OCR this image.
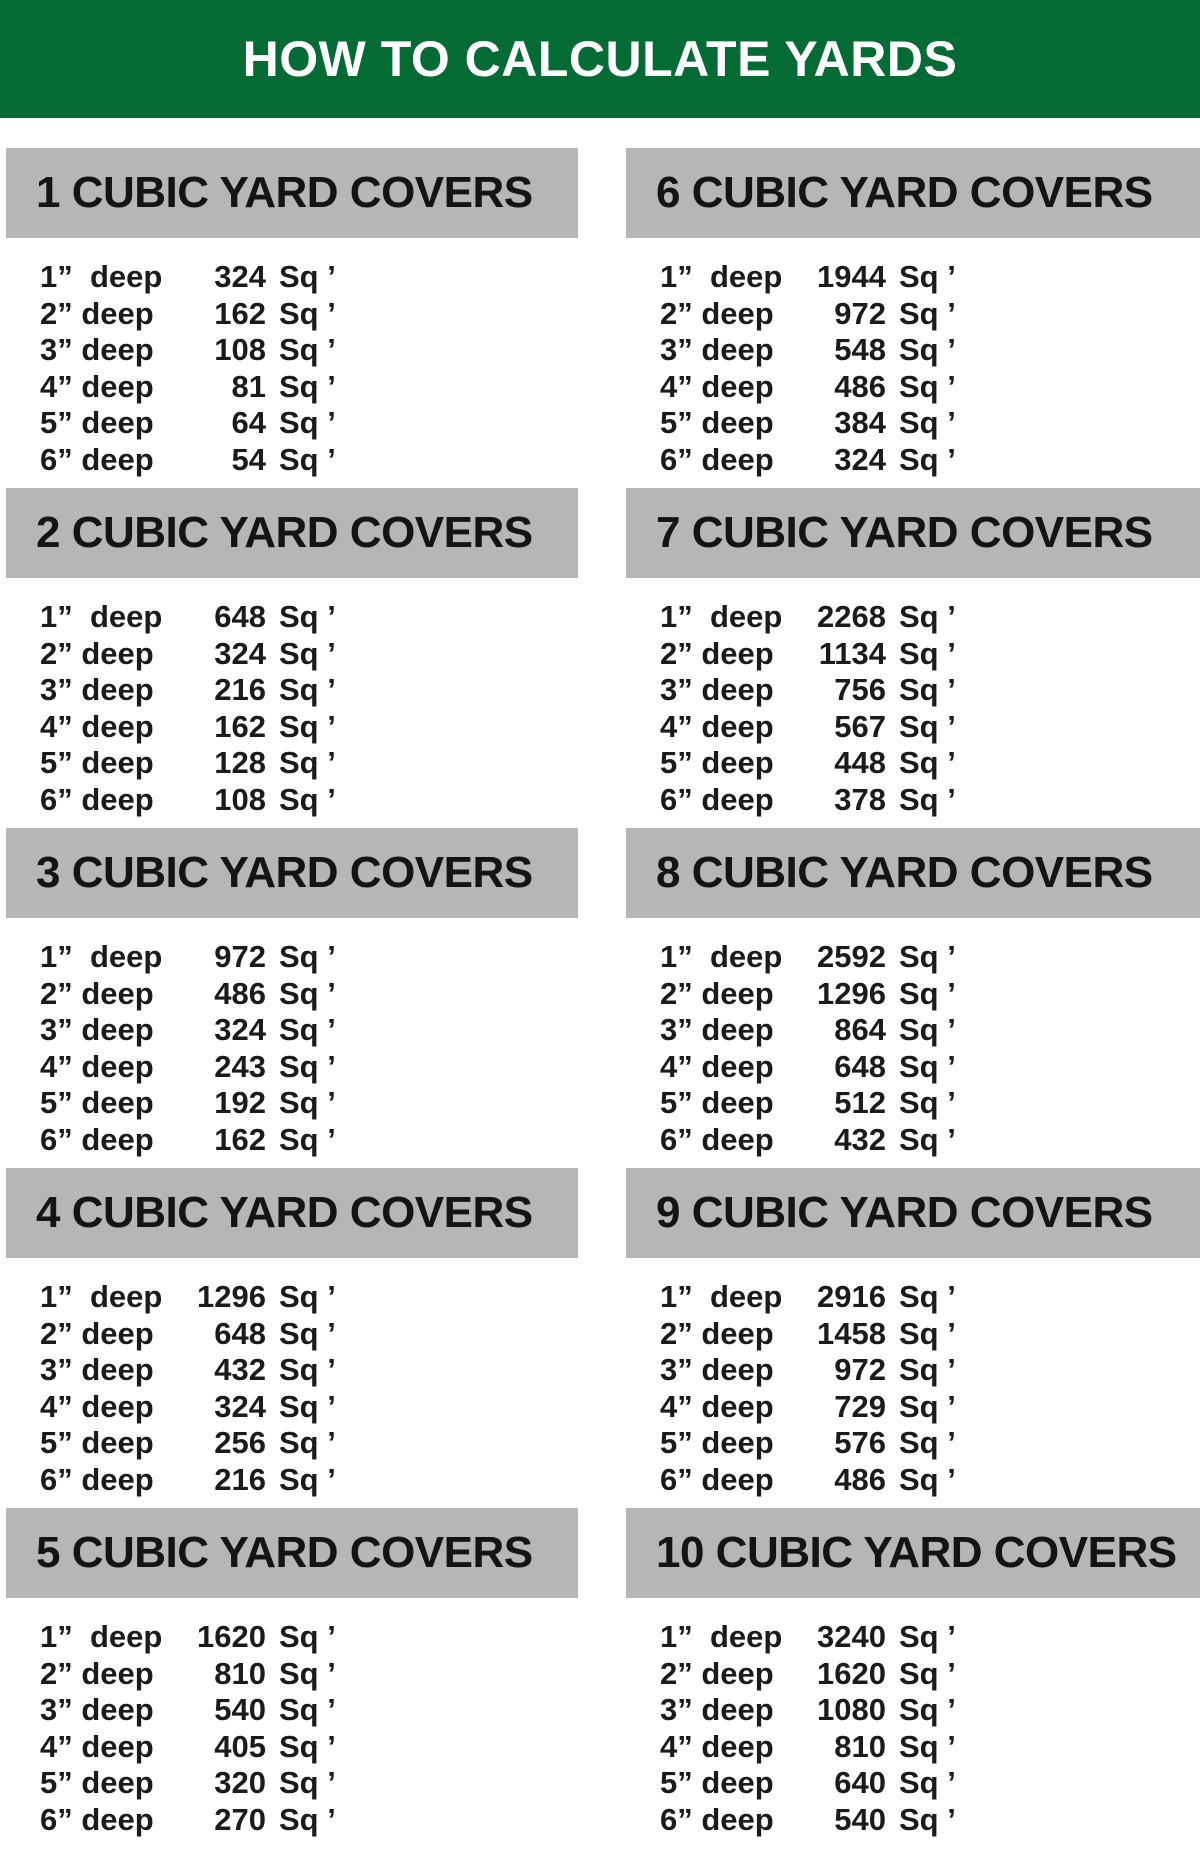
HOW TO CALCULATE YARDS
1 CUBIC YARD COVERS
1”  deep	324 Sq ’
2” deep	162 Sq ’
3” deep	108 Sq ’
4” deep	81 Sq ’
5” deep	64 Sq ’
6” deep	54 Sq ’
2 CUBIC YARD COVERS
1”  deep	648 Sq ’
2” deep	324 Sq ’
3” deep	216 Sq ’
4” deep	162 Sq ’
5” deep	128 Sq ’
6” deep	108 Sq ’
3 CUBIC YARD COVERS
1”  deep	972 Sq ’
2” deep	486 Sq ’
3” deep	324 Sq ’
4” deep	243 Sq ’
5” deep	192 Sq ’
6” deep	162 Sq ’
4 CUBIC YARD COVERS
1”  deep	1296 Sq ’
2” deep	648 Sq ’
3” deep	432 Sq ’
4” deep	324 Sq ’
5” deep	256 Sq ’
6” deep	216 Sq ’
5 CUBIC YARD COVERS
1”  deep	1620 Sq ’
2” deep	810 Sq ’
3” deep	540 Sq ’
4” deep	405 Sq ’
5” deep	320 Sq ’
6” deep	270 Sq ’
6 CUBIC YARD COVERS
1”  deep	1944 Sq ’
2” deep	972 Sq ’
3” deep	548 Sq ’
4” deep	486 Sq ’
5” deep	384 Sq ’
6” deep	324 Sq ’
7 CUBIC YARD COVERS
1”  deep	2268 Sq ’
2” deep	1134 Sq ’
3” deep	756 Sq ’
4” deep	567 Sq ’
5” deep	448 Sq ’
6” deep	378 Sq ’
8 CUBIC YARD COVERS
1”  deep	2592 Sq ’
2” deep	1296 Sq ’
3” deep	864 Sq ’
4” deep	648 Sq ’
5” deep	512 Sq ’
6” deep	432 Sq ’
9 CUBIC YARD COVERS
1”  deep	2916 Sq ’
2” deep	1458 Sq ’
3” deep	972 Sq ’
4” deep	729 Sq ’
5” deep	576 Sq ’
6” deep	486 Sq ’
10 CUBIC YARD COVERS
1”  deep	3240 Sq ’
2” deep	1620 Sq ’
3” deep	1080 Sq ’
4” deep	810 Sq ’
5” deep	640 Sq ’
6” deep	540 Sq ’
